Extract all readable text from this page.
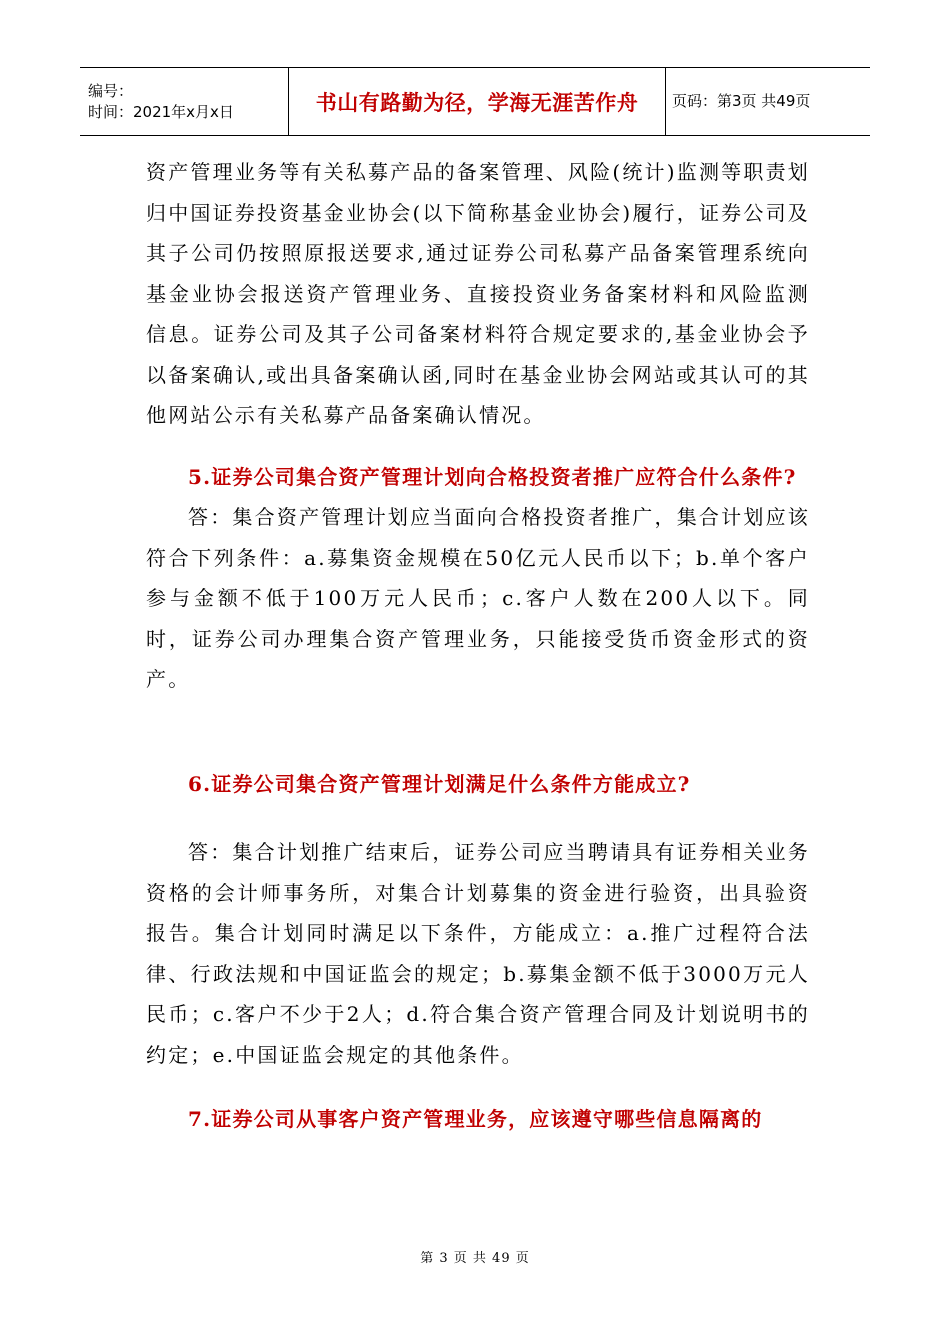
编号：
时间：2021年x月x日	书山有路勤为径，学海无涯苦作舟	页码：第3页 共49页

资产管理业务等有关私募产品的备案管理、风险(统计)监测等职责划归中国证券投资基金业协会(以下简称基金业协会)履行，证券公司及其子公司仍按照原报送要求,通过证券公司私募产品备案管理系统向基金业协会报送资产管理业务、直接投资业务备案材料和风险监测信息。证券公司及其子公司备案材料符合规定要求的,基金业协会予以备案确认,或出具备案确认函,同时在基金业协会网站或其认可的其他网站公示有关私募产品备案确认情况。

5.证券公司集合资产管理计划向合格投资者推广应符合什么条件?

答：集合资产管理计划应当面向合格投资者推广，集合计划应该符合下列条件：a.募集资金规模在50亿元人民币以下；b.单个客户参与金额不低于100万元人民币；c.客户人数在200人以下。同时，证券公司办理集合资产管理业务，只能接受货币资金形式的资产。

6.证券公司集合资产管理计划满足什么条件方能成立?

答：集合计划推广结束后，证券公司应当聘请具有证券相关业务资格的会计师事务所，对集合计划募集的资金进行验资，出具验资报告。集合计划同时满足以下条件，方能成立：a.推广过程符合法律、行政法规和中国证监会的规定；b.募集金额不低于3000万元人民币；c.客户不少于2人；d.符合集合资产管理合同及计划说明书的约定；e.中国证监会规定的其他条件。

7.证券公司从事客户资产管理业务，应该遵守哪些信息隔离的

第 3 页 共 49 页
